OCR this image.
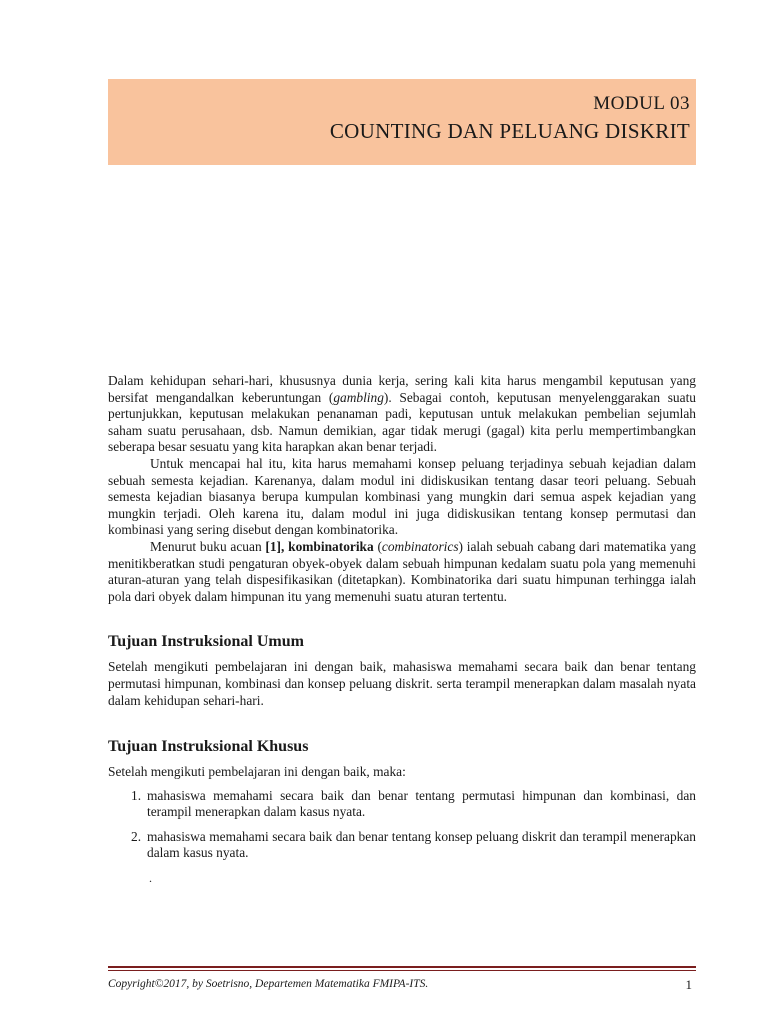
MODUL 03
COUNTING DAN PELUANG DISKRIT

Dalam kehidupan sehari-hari, khususnya dunia kerja, sering kali kita harus mengambil keputusan yang bersifat mengandalkan keberuntungan (gambling). Sebagai contoh, keputusan menyelenggarakan suatu pertunjukkan, keputusan melakukan penanaman padi, keputusan untuk melakukan pembelian sejumlah saham suatu perusahaan, dsb. Namun demikian, agar tidak merugi (gagal) kita perlu mempertimbangkan seberapa besar sesuatu yang kita harapkan akan benar terjadi.

Untuk mencapai hal itu, kita harus memahami konsep peluang terjadinya sebuah kejadian dalam sebuah semesta kejadian. Karenanya, dalam modul ini didiskusikan tentang dasar teori peluang. Sebuah semesta kejadian biasanya berupa kumpulan kombinasi yang mungkin dari semua aspek kejadian yang mungkin terjadi. Oleh karena itu, dalam modul ini juga didiskusikan tentang konsep permutasi dan kombinasi yang sering disebut dengan kombinatorika.

Menurut buku acuan [1], kombinatorika (combinatorics) ialah sebuah cabang dari matematika yang menitikberatkan studi pengaturan obyek-obyek dalam sebuah himpunan kedalam suatu pola yang memenuhi aturan-aturan yang telah dispesifikasikan (ditetapkan). Kombinatorika dari suatu himpunan terhingga ialah pola dari obyek dalam himpunan itu yang memenuhi suatu aturan tertentu.

Tujuan Instruksional Umum

Setelah mengikuti pembelajaran ini dengan baik, mahasiswa memahami secara baik dan benar tentang permutasi himpunan, kombinasi dan konsep peluang diskrit. serta terampil menerapkan dalam masalah nyata dalam kehidupan sehari-hari.

Tujuan Instruksional Khusus

Setelah mengikuti pembelajaran ini dengan baik, maka:

1. mahasiswa memahami secara baik dan benar tentang permutasi himpunan dan kombinasi, dan terampil menerapkan dalam kasus nyata.
2. mahasiswa memahami secara baik dan benar tentang konsep peluang diskrit dan terampil menerapkan dalam kasus nyata.
.
Copyright©2017, by Soetrisno, Departemen Matematika FMIPA-ITS.	1
